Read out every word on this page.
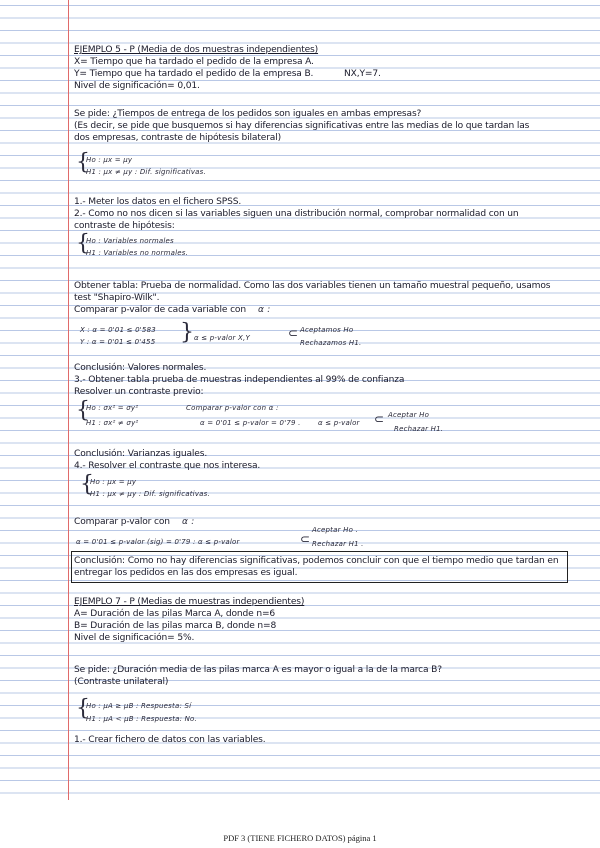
EJEMPLO 5 - P (Media de dos muestras independientes)
X= Tiempo que ha tardado el pedido de la empresa A.
Y= Tiempo que ha tardado el pedido de la empresa B.	NX,Y=7.
Nivel de significación= 0,01.
Se pide: ¿Tiempos de entrega de los pedidos son iguales en ambas empresas?
(Es decir, se pide que busquemos si hay diferencias significativas entre las medias de lo que tardan las
dos empresas, contraste de hipótesis bilateral)
{
Ho : μx = μy
H1 : μx ≠ μy : Dif. significativas.
1.- Meter los datos en el fichero SPSS.
2.- Como no nos dicen si las variables siguen una distribución normal, comprobar normalidad con un
contraste de hipótesis:
{
Ho : Variables normales
H1 : Variables no normales.
Obtener tabla: Prueba de normalidad. Como las dos variables tienen un tamaño muestral pequeño, usamos
test "Shapiro-Wilk".
Comparar p-valor de cada variable con α :
X : α = 0'01 ≤ 0'583
Y : α = 0'01 ≤ 0'455 } α ≤ p-valor X,Y	⊂ Aceptamos Ho
Rechazamos H1.
Conclusión: Valores normales.
3.- Obtener tabla prueba de muestras independientes al 99% de confianza
Resolver un contraste previo:
{
Ho : σx² = σy²	Comparar p-valor con α :
H1 : σx² ≠ σy²	α = 0'01 ≤ p-valor = 0'79 .	α ≤ p-valor ⊂ Aceptar Ho
Rechazar H1.
Conclusión: Varianzas iguales.
4.- Resolver el contraste que nos interesa.
{
Ho : μx = μy
H1 : μx ≠ μy : Dif. significativas.
Comparar p-valor con α :
α = 0'01 ≤ p-valor (sig) = 0'79 : α ≤ p-valor	⊂
Aceptar Ho .
Rechazar H1 .
Conclusión: Como no hay diferencias significativas, podemos concluir con que el tiempo medio que tardan en
entregar los pedidos en las dos empresas es igual.
EJEMPLO 7 - P (Medias de muestras independientes)
A= Duración de las pilas Marca A, donde n=6
B= Duración de las pilas marca B, donde n=8
Nivel de significación= 5%.
Se pide: ¿Duración media de las pilas marca A es mayor o igual a la de la marca B?
(Contraste unilateral)
{
Ho : μA ≥ μB : Respuesta: Sí
H1 : μA < μB : Respuesta: No.
1.- Crear fichero de datos con las variables.
PDF 3 (TIENE FICHERO DATOS) página 1
